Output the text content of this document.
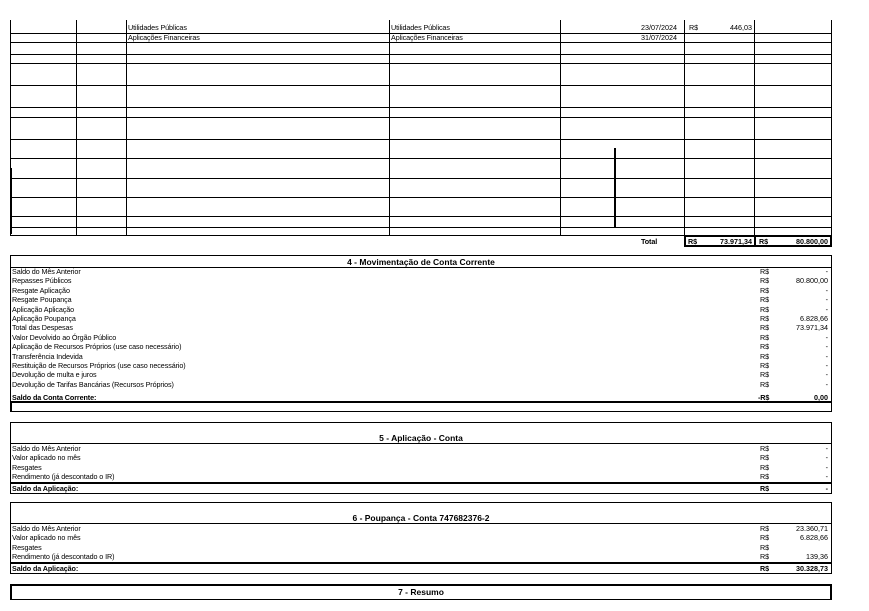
Utilidades Públicas	Utilidades Públicas	23/07/2024 R$	446,03
Aplicações Financeiras	Aplicações Financeiras	31/07/2024
Total	R$	73.971,34 R$	80.800,00
4 - Movimentação de Conta Corrente
Saldo do Mês Anterior	R$	-
Repasses Públicos	R$	80.800,00
Resgate Aplicação	R$	-
Resgate Poupança	R$	-
Aplicação Aplicação	R$	-
Aplicação Poupança	R$	6.828,66
Total das Despesas	R$	73.971,34
Valor Devolvido ao Órgão Público	R$	-
Aplicação de Recursos Próprios (use caso necessário)	R$	-
Transferência Indevida	R$	-
Restituição de Recursos Próprios (use caso necessário)	R$	-
Devolução de multa e juros	R$	-
Devolução de Tarifas Bancárias (Recursos Próprios)	R$	-
Saldo da Conta Corrente:	-R$	0,00
5 - Aplicação - Conta
Saldo do Mês Anterior	R$	-
Valor aplicado no mês	R$	-
Resgates	R$	-
Rendimento (já descontado o IR)	R$	-
Saldo da Aplicação:	R$	-
6 - Poupança - Conta 747682376-2
Saldo do Mês Anterior	R$	23.360,71
Valor aplicado no mês	R$	6.828,66
Resgates	R$
Rendimento (já descontado o IR)	R$	139,36
Saldo da Aplicação:	R$	30.328,73
7 - Resumo
